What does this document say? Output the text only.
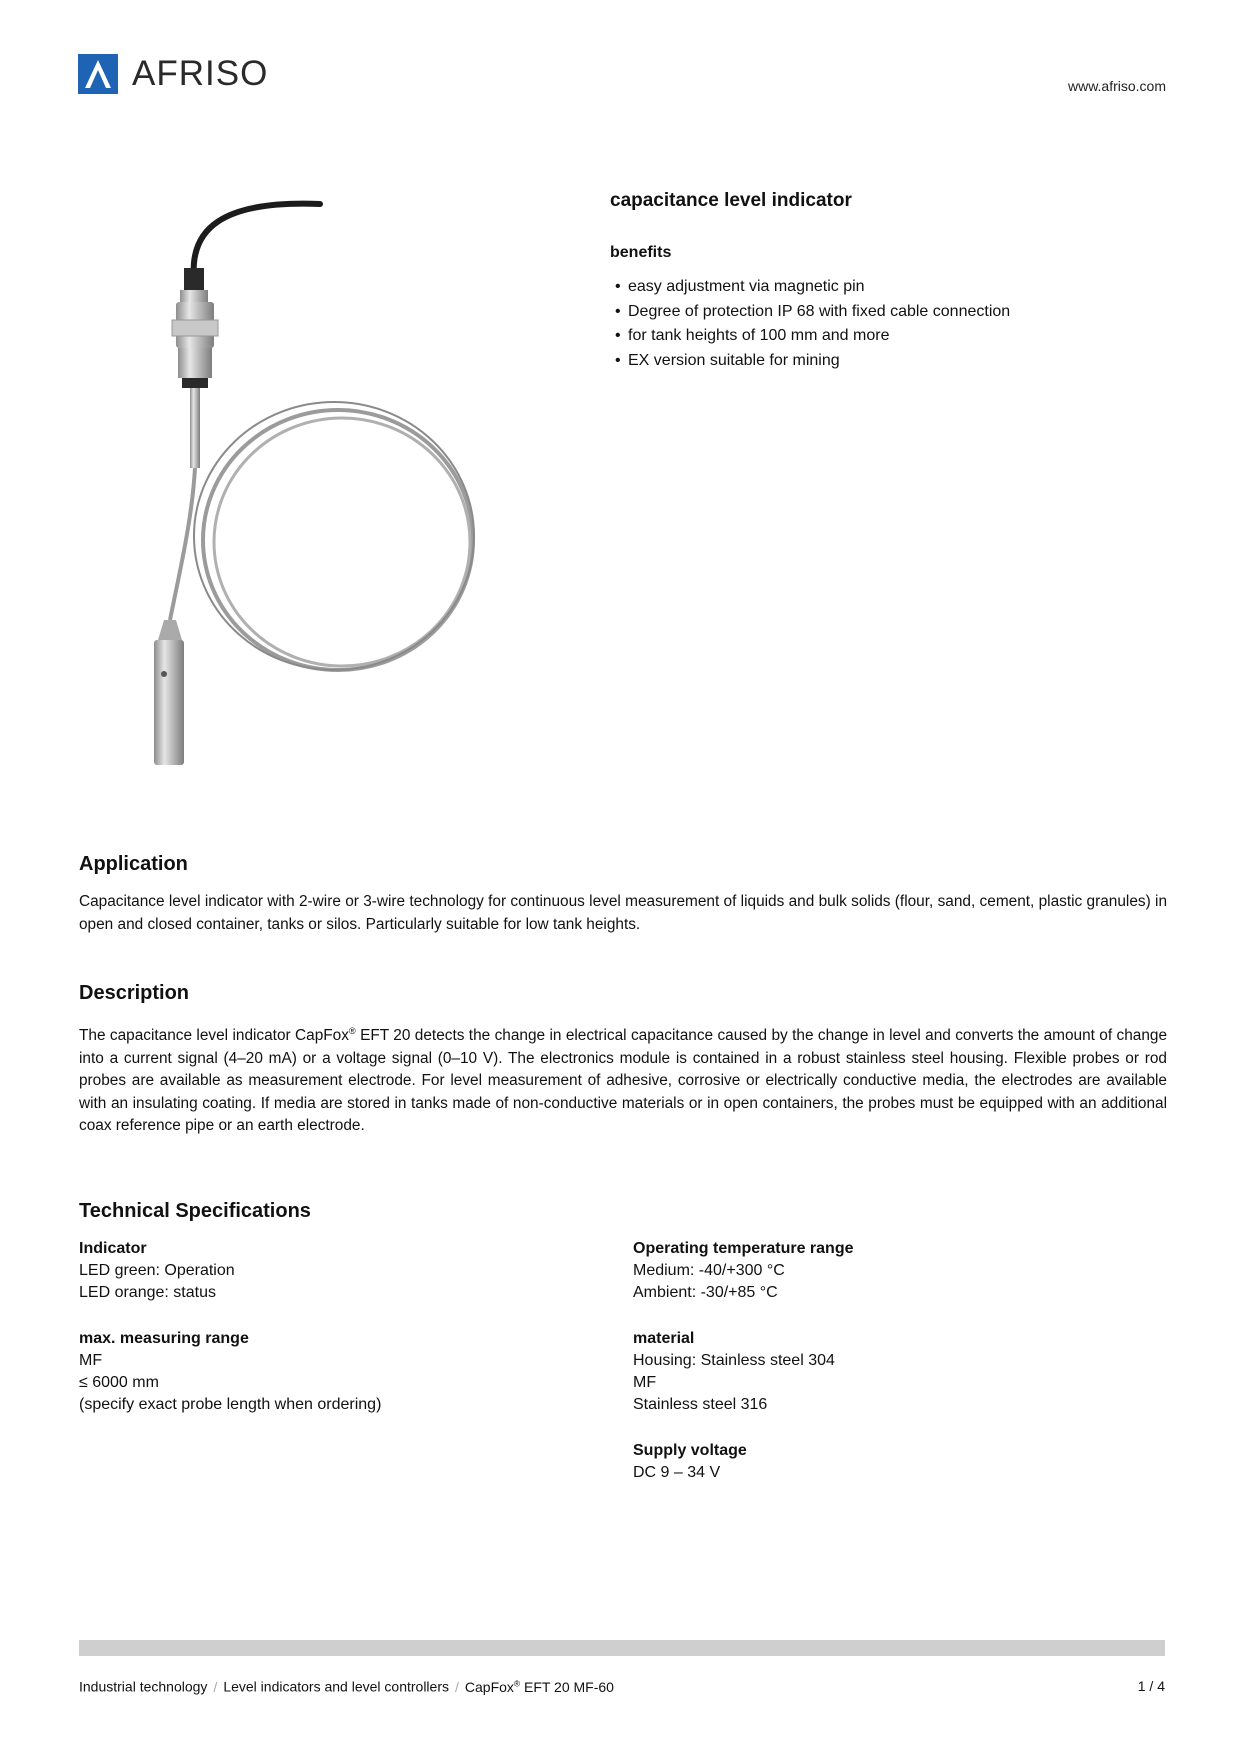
AFRISO	www.afriso.com
capacitance level indicator
benefits
• easy adjustment via magnetic pin
• Degree of protection IP 68 with fixed cable connection
• for tank heights of 100 mm and more
• EX version suitable for mining
Application
Capacitance level indicator with 2-wire or 3-wire technology for continuous level measurement of liquids and bulk solids (flour, sand, cement, plastic granules) in open and closed container, tanks or silos. Particularly suitable for low tank heights.
Description
The capacitance level indicator CapFox® EFT 20 detects the change in electrical capacitance caused by the change in level and converts the amount of change into a current signal (4–20 mA) or a voltage signal (0–10 V). The electronics module is contained in a robust stainless steel housing. Flexible probes or rod probes are available as measurement electrode. For level measurement of adhesive, corrosive or electrically conductive media, the electrodes are available with an insulating coating. If media are stored in tanks made of non-conductive materials or in open containers, the probes must be equipped with an additional coax reference pipe or an earth electrode.
Technical Specifications
Indicator
LED green: Operation
LED orange: status
max. measuring range
MF
≤ 6000 mm
(specify exact probe length when ordering)
Operating temperature range
Medium: -40/+300 °C
Ambient: -30/+85 °C
material
Housing: Stainless steel 304
MF
Stainless steel 316
Supply voltage
DC 9 – 34 V
Industrial technology / Level indicators and level controllers / CapFox® EFT 20 MF-60	1 / 4
